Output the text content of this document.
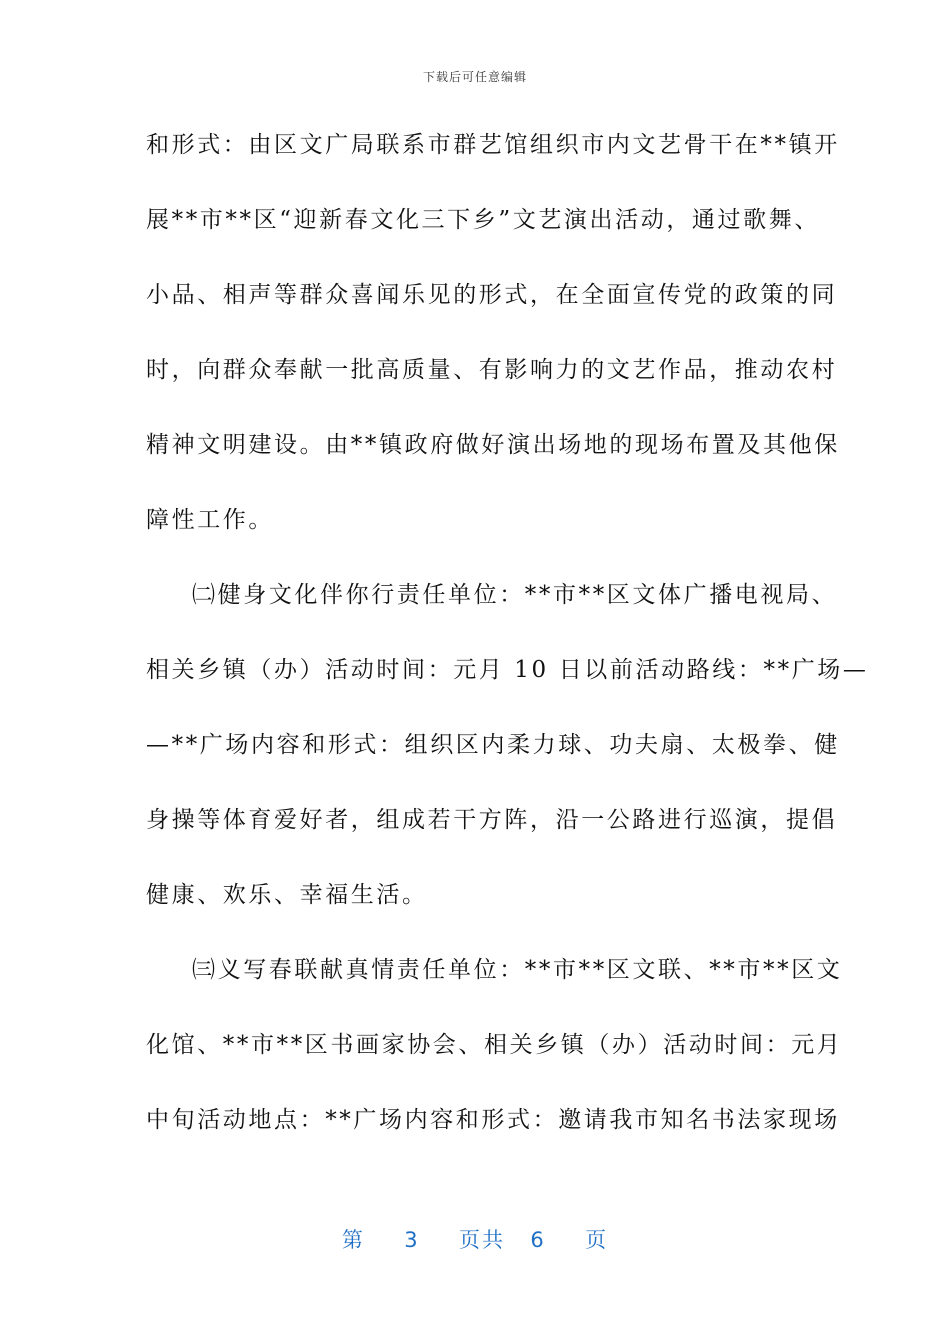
下载后可任意编辑
和形式：由区文广局联系市群艺馆组织市内文艺骨干在**镇开
展**市**区“迎新春文化三下乡”文艺演出活动，通过歌舞、
小品、相声等群众喜闻乐见的形式，在全面宣传党的政策的同
时，向群众奉献一批高质量、有影响力的文艺作品，推动农村
精神文明建设。由**镇政府做好演出场地的现场布置及其他保
障性工作。
㈡健身文化伴你行责任单位：**市**区文体广播电视局、
相关乡镇（办）活动时间：元月 10 日以前活动路线：**广场—
—**广场内容和形式：组织区内柔力球、功夫扇、太极拳、健
身操等体育爱好者，组成若干方阵，沿一公路进行巡演，提倡
健康、欢乐、幸福生活。
㈢义写春联献真情责任单位：**市**区文联、**市**区文
化馆、**市**区书画家协会、相关乡镇（办）活动时间：元月
中旬活动地点：**广场内容和形式：邀请我市知名书法家现场
第 3 页共 6 页
